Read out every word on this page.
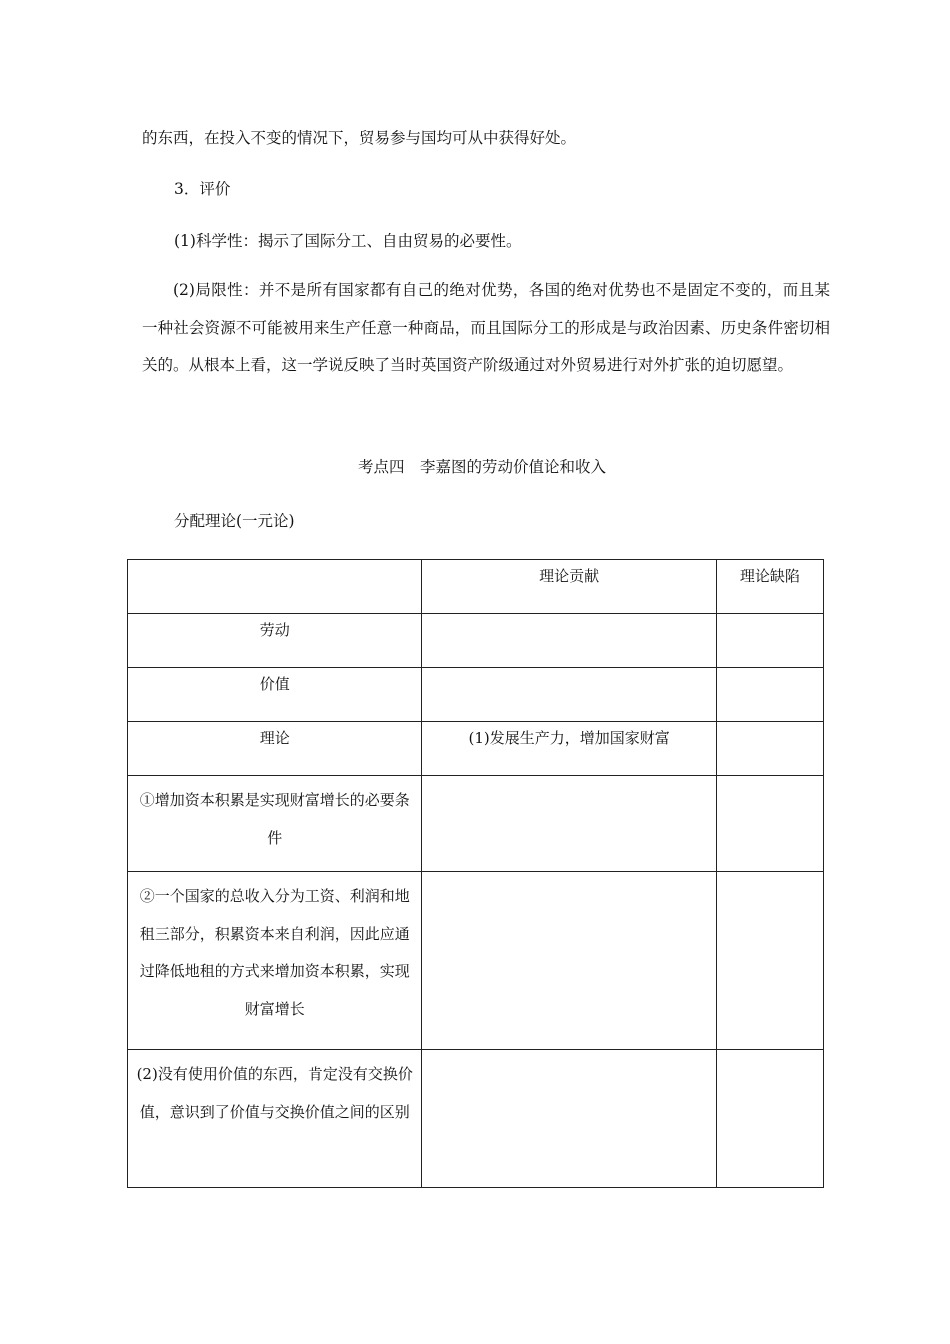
的东西，在投入不变的情况下，贸易参与国均可从中获得好处。
3．评价
(1)科学性：揭示了国际分工、自由贸易的必要性。
(2)局限性：并不是所有国家都有自己的绝对优势，各国的绝对优势也不是固定不变的，而且某一种社会资源不可能被用来生产任意一种商品，而且国际分工的形成是与政治因素、历史条件密切相关的。从根本上看，这一学说反映了当时英国资产阶级通过对外贸易进行对外扩张的迫切愿望。
考点四　李嘉图的劳动价值论和收入
分配理论(一元论)
	理论贡献	理论缺陷
劳动		
价值		
理论	(1)发展生产力，增加国家财富	
①增加资本积累是实现财富增长的必要条件		
②一个国家的总收入分为工资、利润和地租三部分，积累资本来自利润，因此应通过降低地租的方式来增加资本积累，实现财富增长		
(2)没有使用价值的东西，肯定没有交换价值，意识到了价值与交换价值之间的区别		
